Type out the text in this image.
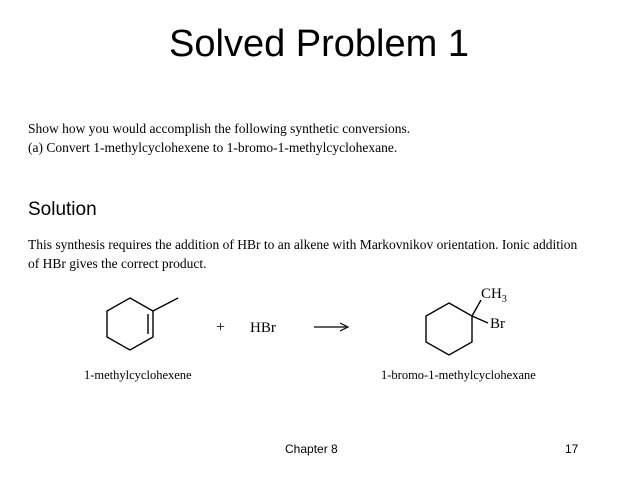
Solved Problem 1
Show how you would accomplish the following synthetic conversions.
(a) Convert 1-methylcyclohexene to 1-bromo-1-methylcyclohexane.
Solution
This synthesis requires the addition of HBr to an alkene with Markovnikov orientation. Ionic addition
of HBr gives the correct product.
+ HBr
$CH_3$
Br
1-methylcyclohexene	1-bromo-1-methylcyclohexane
Chapter 8	17
